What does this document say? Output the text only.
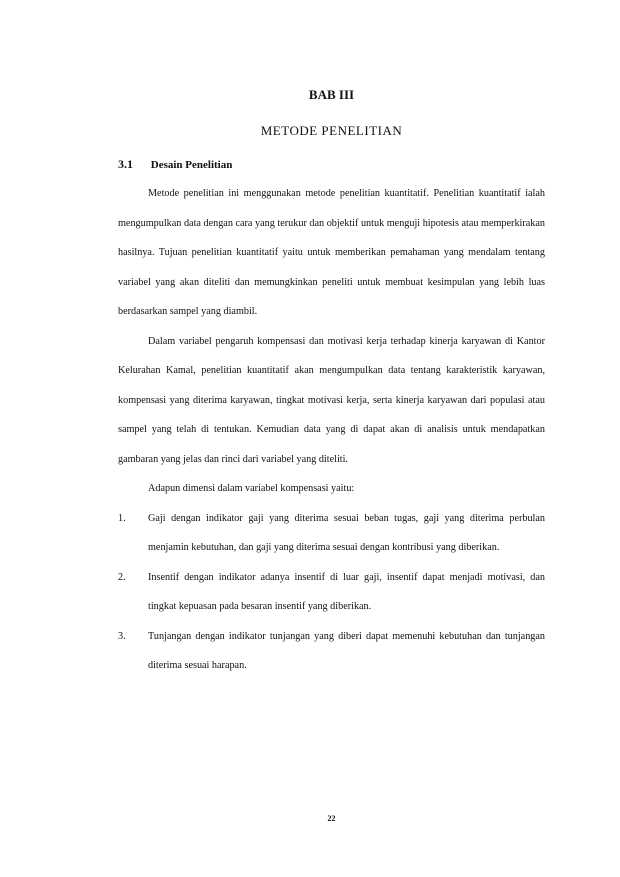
BAB III
METODE PENELITIAN
3.1 Desain Penelitian

Metode penelitian ini menggunakan metode penelitian kuantitatif. Penelitian kuantitatif ialah mengumpulkan data dengan cara yang terukur dan objektif untuk menguji hipotesis atau memperkirakan hasilnya. Tujuan penelitian kuantitatif yaitu untuk memberikan pemahaman yang mendalam tentang variabel yang akan diteliti dan memungkinkan peneliti untuk membuat kesimpulan yang lebih luas berdasarkan sampel yang diambil.

Dalam variabel pengaruh kompensasi dan motivasi kerja terhadap kinerja karyawan di Kantor Kelurahan Kamal, penelitian kuantitatif akan mengumpulkan data tentang karakteristik karyawan, kompensasi yang diterima karyawan, tingkat motivasi kerja, serta kinerja karyawan dari populasi atau sampel yang telah di tentukan. Kemudian data yang di dapat akan di analisis untuk mendapatkan gambaran yang jelas dan rinci dari variabel yang diteliti.

Adapun dimensi dalam variabel kompensasi yaitu:

1. Gaji dengan indikator gaji yang diterima sesuai beban tugas, gaji yang diterima perbulan menjamin kebutuhan, dan gaji yang diterima sesuai dengan kontribusi yang diberikan.
2. Insentif dengan indikator adanya insentif di luar gaji, insentif dapat menjadi motivasi, dan tingkat kepuasan pada besaran insentif yang diberikan.
3. Tunjangan dengan indikator tunjangan yang diberi dapat memenuhi kebutuhan dan tunjangan diterima sesuai harapan.
22
